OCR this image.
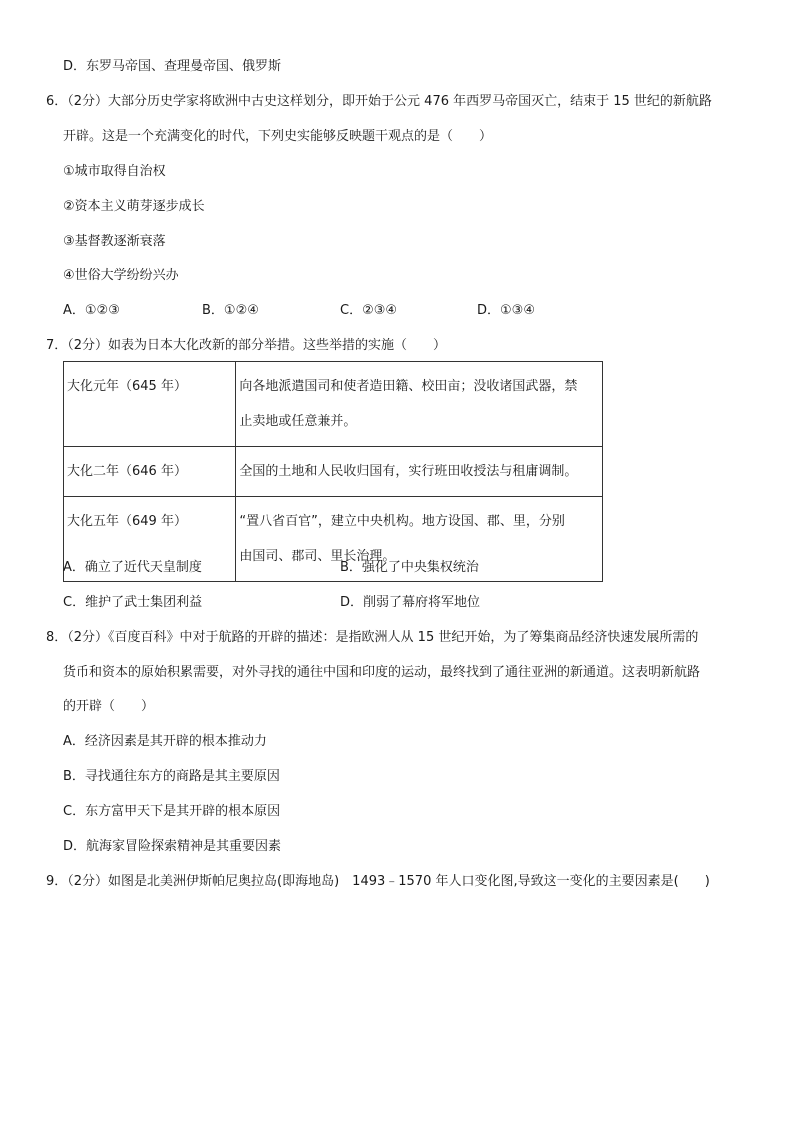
D．东罗马帝国、查理曼帝国、俄罗斯
6．（2分）大部分历史学家将欧洲中古史这样划分，即开始于公元 476 年西罗马帝国灭亡，结束于 15 世纪的新航路
开辟。这是一个充满变化的时代，下列史实能够反映题干观点的是（　　）
①城市取得自治权
②资本主义萌芽逐步成长
③基督教逐渐衰落
④世俗大学纷纷兴办
A．①②③	B．①②④	C．②③④	D．①③④
7．（2分）如表为日本大化改新的部分举措。这些举措的实施（　　）
大化元年（645 年）	向各地派遣国司和使者造田籍、校田亩；没收诸国武器，禁
止卖地或任意兼并。

大化二年（646 年）	全国的土地和人民收归国有，实行班田收授法与租庸调制。

大化五年（649 年）	“置八省百官”，建立中央机构。地方设国、郡、里，分别
由国司、郡司、里长治理。
A．确立了近代天皇制度	B．强化了中央集权统治
C．维护了武士集团利益	D．削弱了幕府将军地位
8．（2分）《百度百科》中对于航路的开辟的描述：是指欧洲人从 15 世纪开始，为了筹集商品经济快速发展所需的
货币和资本的原始积累需要，对外寻找的通往中国和印度的运动，最终找到了通往亚洲的新通道。这表明新航路
的开辟（　　）
A．经济因素是其开辟的根本推动力
B．寻找通往东方的商路是其主要原因
C．东方富甲天下是其开辟的根本原因
D．航海家冒险探索精神是其重要因素
9．（2分）如图是北美洲伊斯帕尼奥拉岛(即海地岛)　1493﹣1570 年人口变化图,导致这一变化的主要因素是(　　)
